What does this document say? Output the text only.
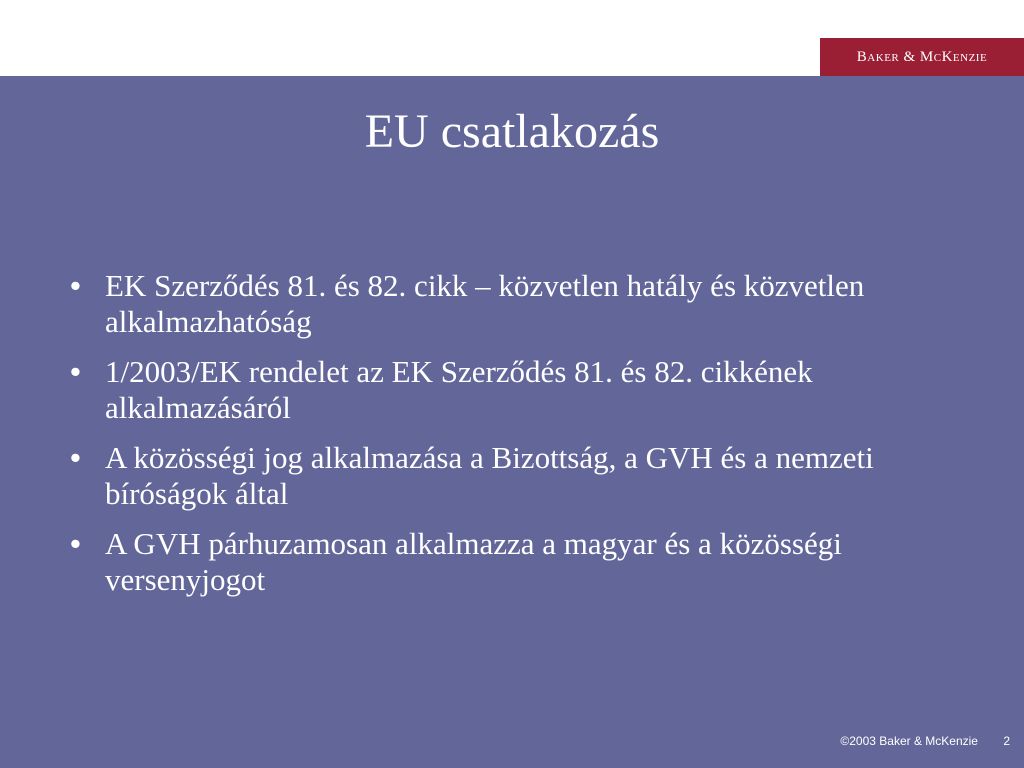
Baker & Mc Kenzie
EU csatlakozás
• EK Szerződés 81. és 82. cikk – közvetlen hatály és közvetlen alkalmazhatóság
• 1/2003/EK rendelet az EK Szerződés 81. és 82. cikkének alkalmazásáról
• A közösségi jog alkalmazása a Bizottság, a GVH és a nemzeti bíróságok által
• A GVH párhuzamosan alkalmazza a magyar és a közösségi versenyjogot
©2003 Baker & McKenzie 2
